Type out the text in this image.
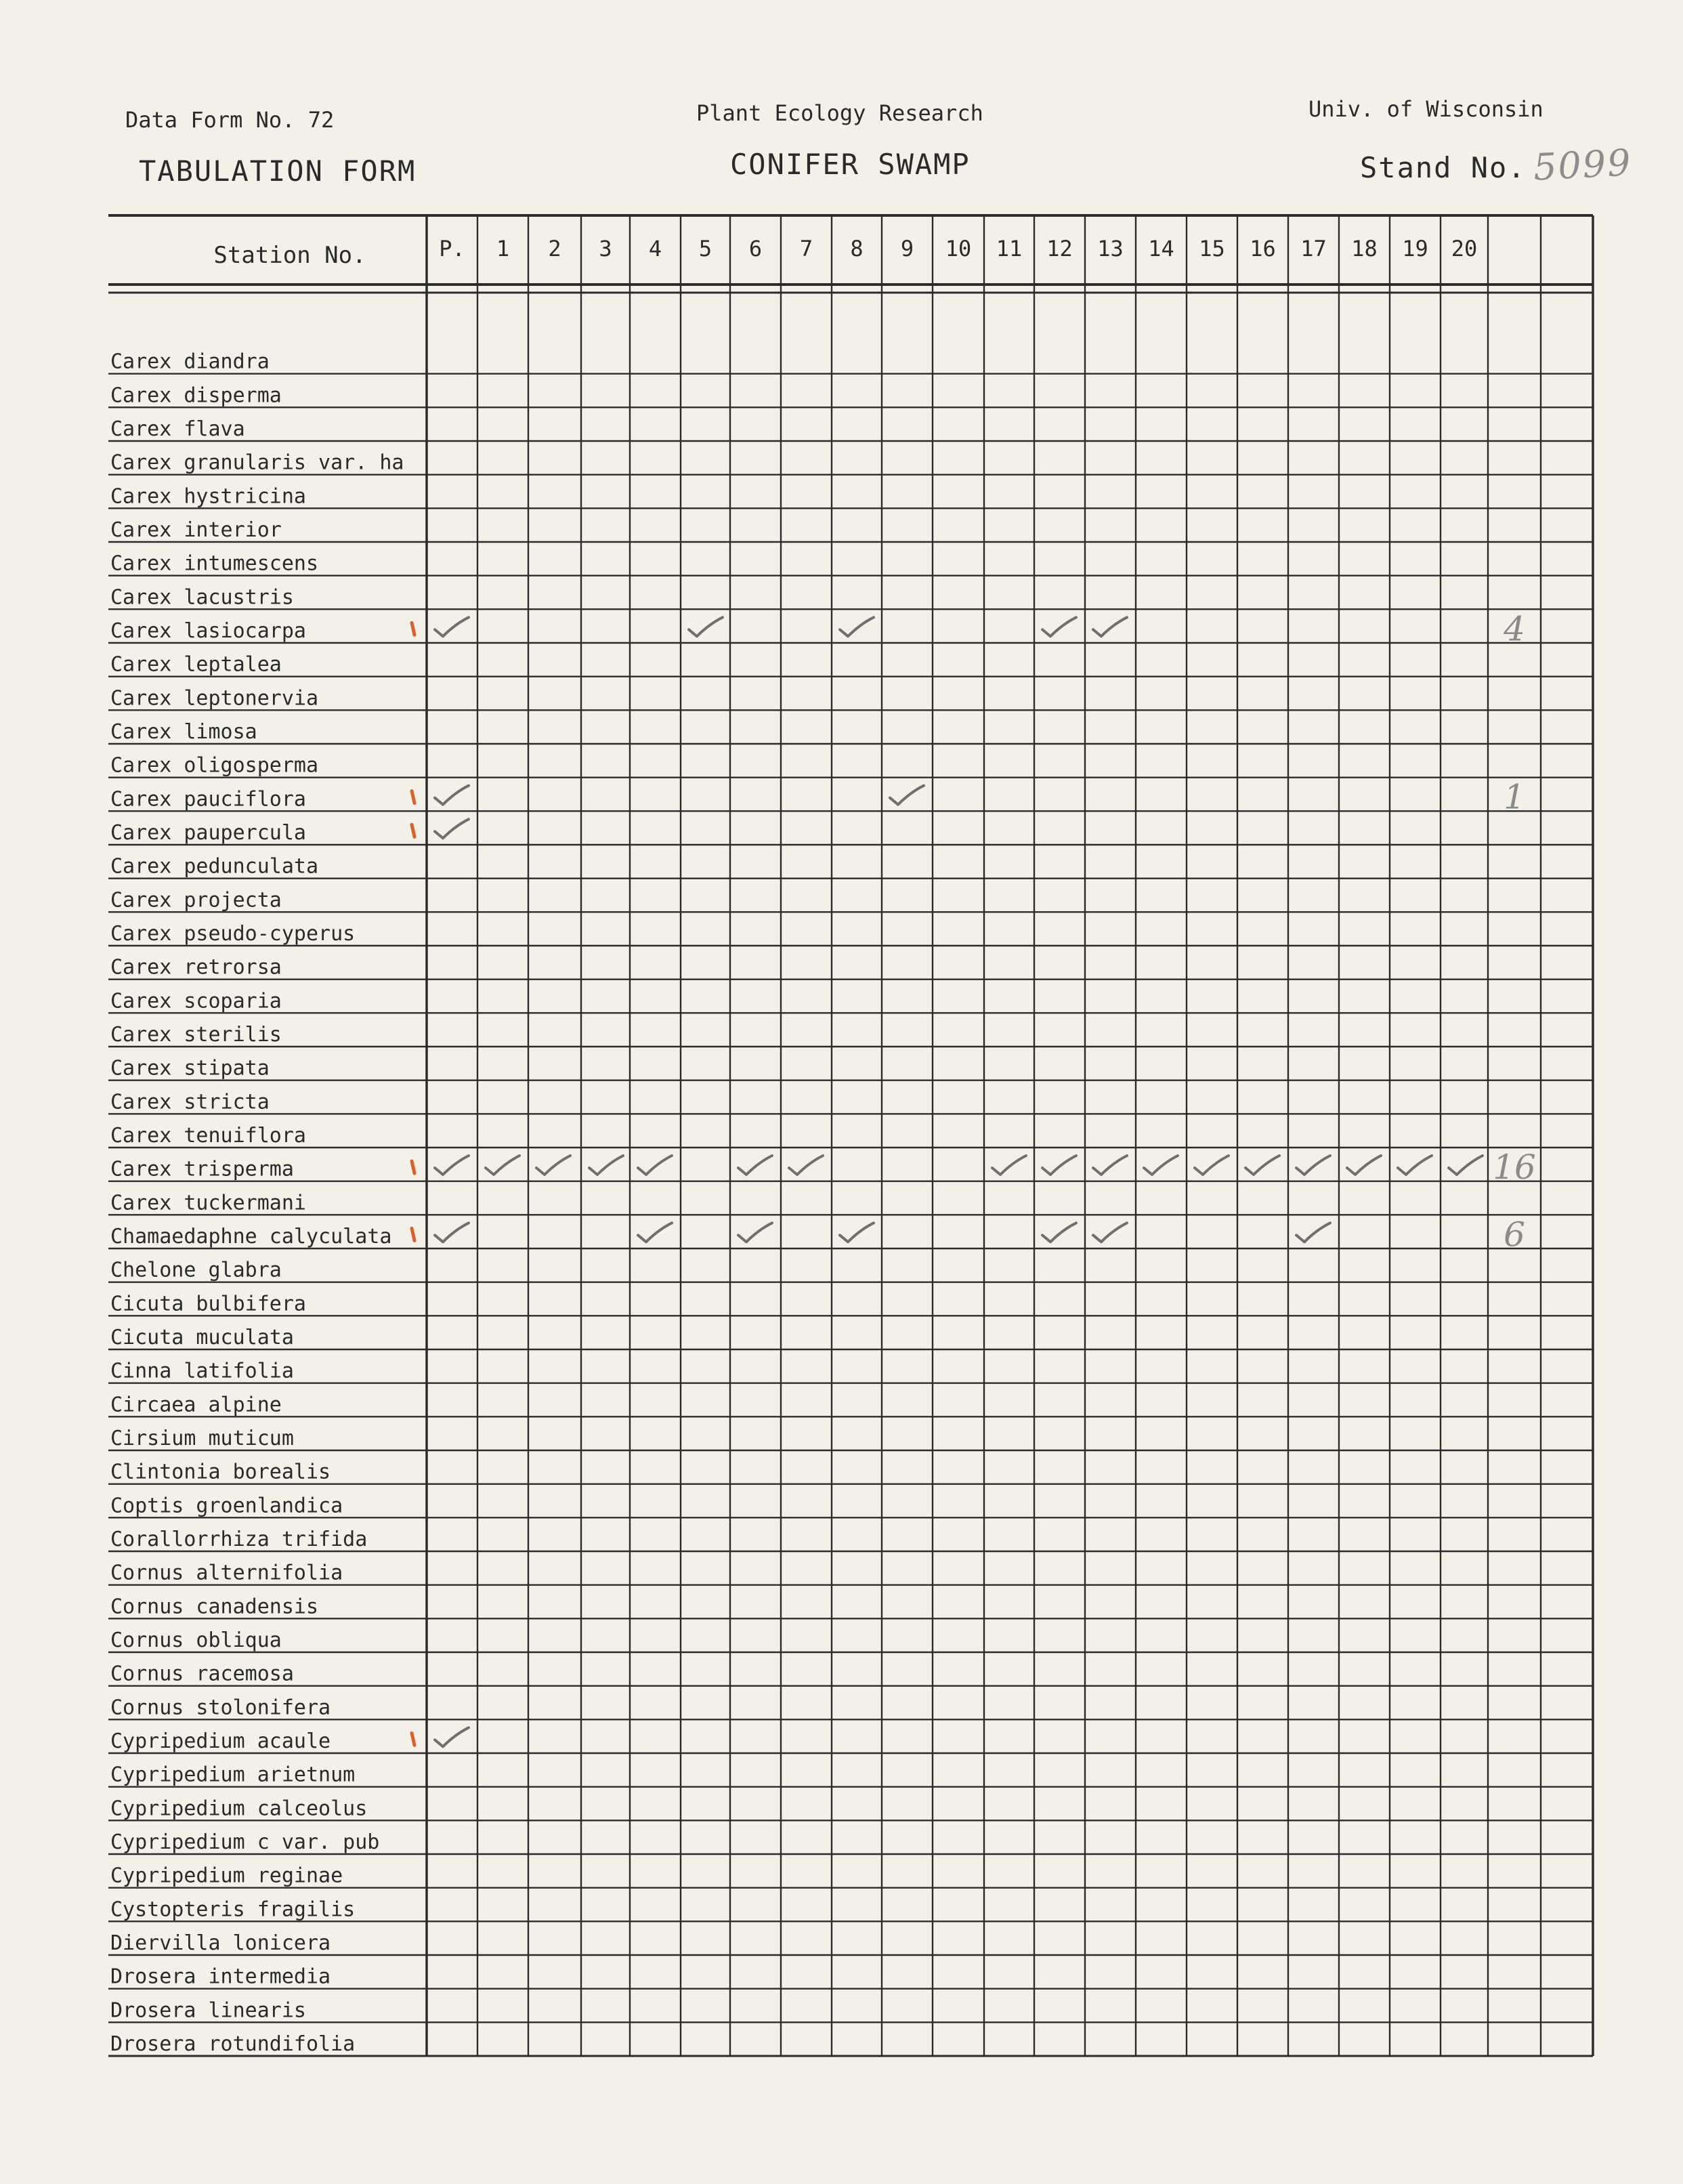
Data Form No. 72
TABULATION FORM
Plant Ecology Research
CONIFER SWAMP
Univ. of Wisconsin
Stand No. 5099
Station No.	P. 1 2 3 4 5 6 7 8 9 10 11 12 13 14 15 16 17 18 19 20
Carex diandra
Carex disperma
Carex flava
Carex granularis var. ha
Carex hystricina
Carex interior
Carex intumescens
Carex lacustris
Carex lasiocarpa
Carex leptalea
Carex leptonervia
Carex limosa
Carex oligosperma
Carex pauciflora
Carex paupercula
Carex pedunculata
Carex projecta
Carex pseudo-cyperus
Carex retrorsa
Carex scoparia
Carex sterilis
Carex stipata
Carex stricta
Carex tenuiflora
Carex trisperma
Carex tuckermani
Chamaedaphne calyculata
Chelone glabra
Cicuta bulbifera
Cicuta muculata
Cinna latifolia
Circaea alpine
Cirsium muticum
Clintonia borealis
Coptis groenlandica
Corallorrhiza trifida
Cornus alternifolia
Cornus canadensis
Cornus obliqua
Cornus racemosa
Cornus stolonifera
Cypripedium acaule
Cypripedium arietnum
Cypripedium calceolus
Cypripedium c var. pub
Cypripedium reginae
Cystopteris fragilis
Diervilla lonicera
Drosera intermedia
Drosera linearis
Drosera rotundifolia
4
1
16
6
